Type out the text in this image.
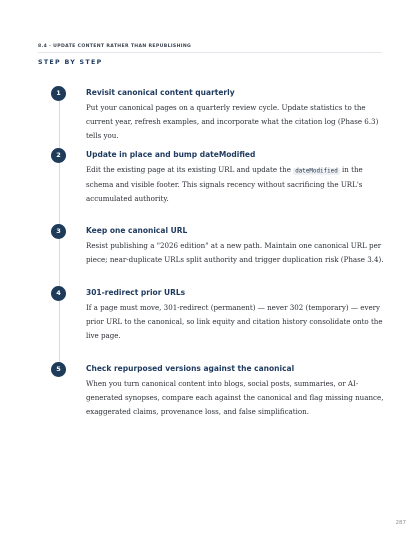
8.4 · UPDATE CONTENT RATHER THAN REPUBLISHING
STEP BY STEP
1	Revisit canonical content quarterly
Put your canonical pages on a quarterly review cycle. Update statistics to the current year, refresh examples, and incorporate what the citation log (Phase 6.3) tells you.
2	Update in place and bump dateModified
Edit the existing page at its existing URL and update the dateModified in the schema and visible footer. This signals recency without sacrificing the URL's accumulated authority.
3	Keep one canonical URL
Resist publishing a "2026 edition" at a new path. Maintain one canonical URL per piece; near-duplicate URLs split authority and trigger duplication risk (Phase 3.4).
4	301-redirect prior URLs
If a page must move, 301-redirect (permanent) — never 302 (temporary) — every prior URL to the canonical, so link equity and citation history consolidate onto the live page.
5	Check repurposed versions against the canonical
When you turn canonical content into blogs, social posts, summaries, or AI-generated synopses, compare each against the canonical and flag missing nuance, exaggerated claims, provenance loss, and false simplification.
287
